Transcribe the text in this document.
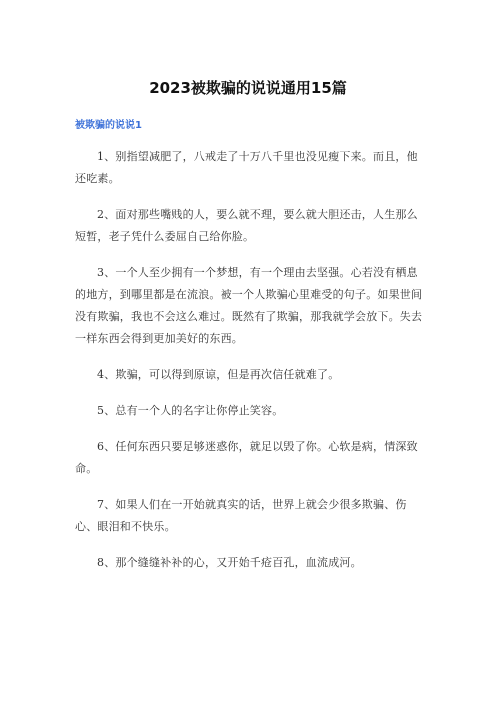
2023被欺骗的说说通用15篇
被欺骗的说说1

1、别指望减肥了，八戒走了十万八千里也没见瘦下来。而且，他还吃素。

2、面对那些嘴贱的人，要么就不理，要么就大胆还击，人生那么短暂，老子凭什么委屈自己给你脸。

3、一个人至少拥有一个梦想，有一个理由去坚强。心若没有栖息的地方，到哪里都是在流浪。被一个人欺骗心里难受的句子。如果世间没有欺骗，我也不会这么难过。既然有了欺骗，那我就学会放下。失去一样东西会得到更加美好的东西。

4、欺骗，可以得到原谅，但是再次信任就难了。

5、总有一个人的名字让你停止笑容。

6、任何东西只要足够迷惑你，就足以毁了你。心软是病，情深致命。

7、如果人们在一开始就真实的话，世界上就会少很多欺骗、伤心、眼泪和不快乐。

8、那个缝缝补补的心，又开始千疮百孔，血流成河。
